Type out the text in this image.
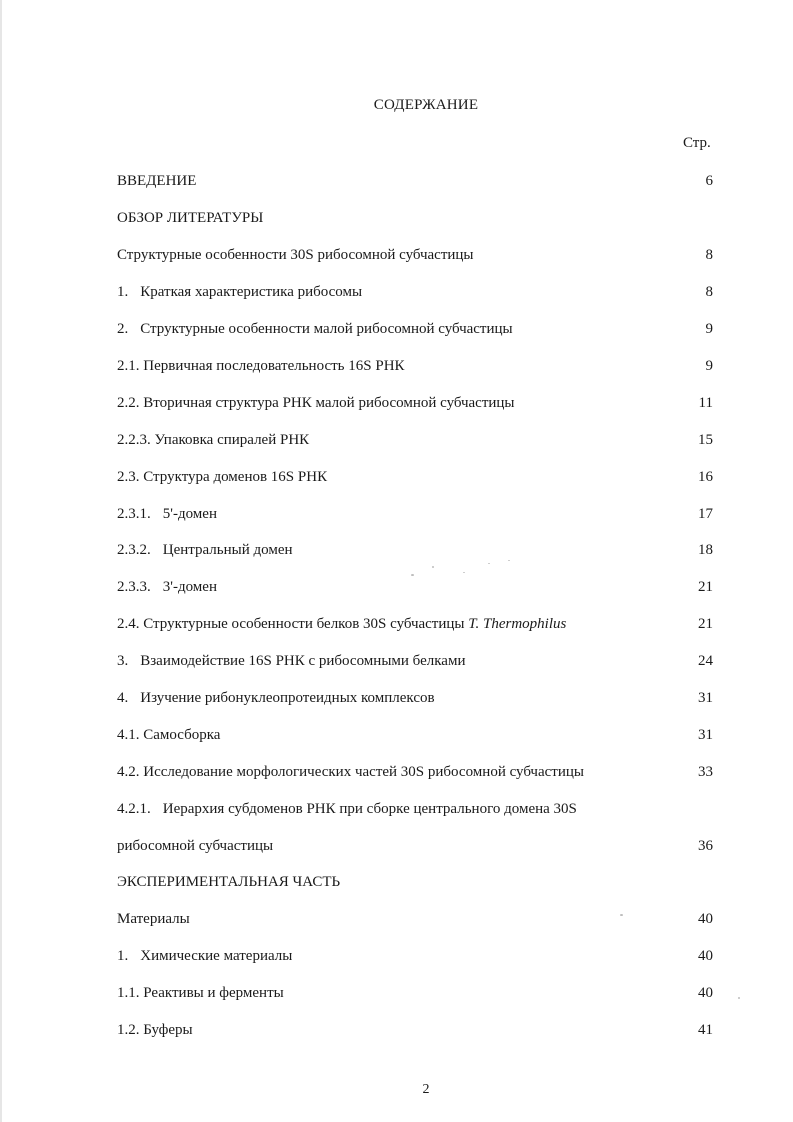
СОДЕРЖАНИЕ
Стр.
ВВЕДЕНИЕ	6
ОБЗОР ЛИТЕРАТУРЫ
Структурные особенности 30S рибосомной субчастицы	8
1. Краткая характеристика рибосомы	8
2. Структурные особенности малой рибосомной субчастицы	9
2.1. Первичная последовательность 16S РНК	9
2.2. Вторичная структура РНК малой рибосомной субчастицы	11
2.2.3. Упаковка спиралей РНК	15
2.3. Структура доменов 16S РНК	16
2.3.1. 5'-домен	17
2.3.2. Центральный домен	18
2.3.3. 3'-домен	21
2.4. Структурные особенности белков 30S субчастицы T. Thermophilus	21
3. Взаимодействие 16S РНК с рибосомными белками	24
4. Изучение рибонуклеопротеидных комплексов	31
4.1. Самосборка	31
4.2. Исследование морфологических частей 30S рибосомной субчастицы	33
4.2.1. Иерархия субдоменов РНК при сборке центрального домена 30S
рибосомной субчастицы	36
ЭКСПЕРИМЕНТАЛЬНАЯ ЧАСТЬ
Материалы	40
1. Химические материалы	40
1.1. Реактивы и ферменты	40
1.2. Буферы	41
2
